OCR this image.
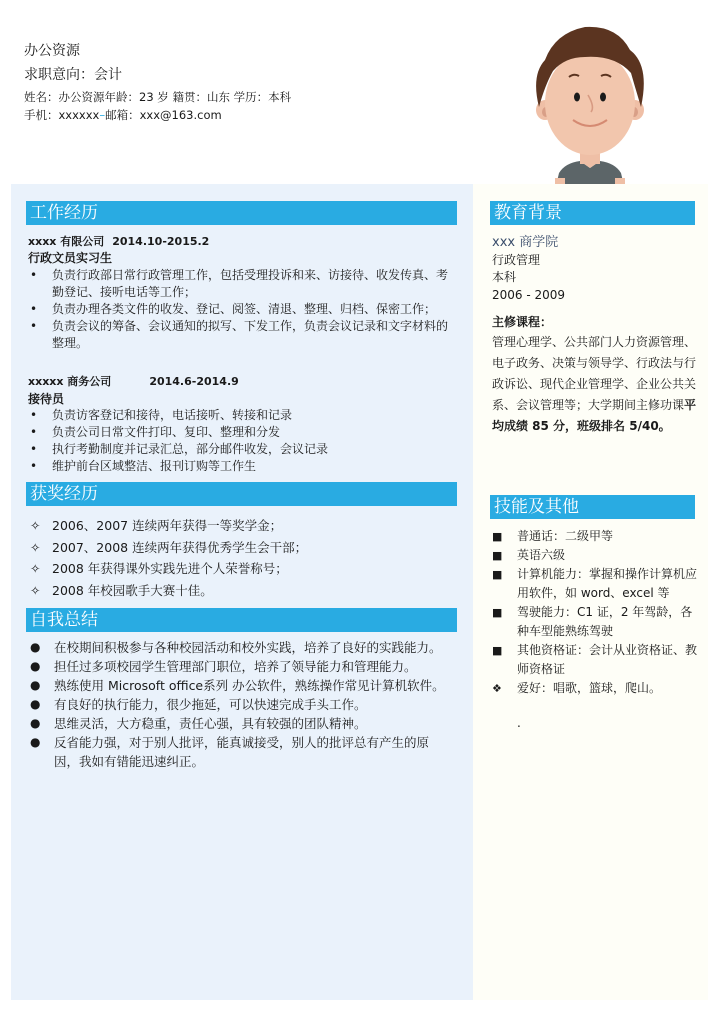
办公资源
求职意向：会计
姓名：办公资源年龄：23 岁 籍贯：山东 学历：本科
手机：xxxxxx–邮箱：xxx@163.com
工作经历
xxxx 有限公司 2014.10-2015.2
行政文员实习生
•	负责行政部日常行政管理工作，包括受理投诉和来、访接待、收发传真、考勤登记、接听电话等工作；
•	负责办理各类文件的收发、登记、阅签、清退、整理、归档、保密工作；
•	负责会议的筹备、会议通知的拟写、下发工作，负责会议记录和文字材料的整理。
xxxxx 商务公司	2014.6-2014.9
接待员
•	负责访客登记和接待，电话接听、转接和记录
•	负责公司日常文件打印、复印、整理和分发
•	执行考勤制度并记录汇总，部分邮件收发，会议记录
•	维护前台区域整洁、报刊订购等工作生
获奖经历
✧ 2006、2007 连续两年获得一等奖学金；
✧ 2007、2008 连续两年获得优秀学生会干部；
✧ 2008 年获得课外实践先进个人荣誉称号；
✧ 2008 年校园歌手大赛十佳。
自我总结
●	在校期间积极参与各种校园活动和校外实践，培养了良好的实践能力。
●	担任过多项校园学生管理部门职位，培养了领导能力和管理能力。
●	熟练使用 Microsoft office系列 办公软件，熟练操作常见计算机软件。
●	有良好的执行能力，很少拖延，可以快速完成手头工作。
●	思维灵活，大方稳重，责任心强，具有较强的团队精神。
●	反省能力强，对于别人批评，能真诚接受，别人的批评总有产生的原因，我如有错能迅速纠正。
教育背景
xxx 商学院
行政管理
本科
2006 - 2009
主修课程：
管理心理学、公共部门人力资源管理、电子政务、决策与领导学、行政法与行政诉讼、现代企业管理学、企业公共关系、会议管理等；大学期间主修功课平均成绩 85 分，班级排名 5/40。
技能及其他
■ 普通话：二级甲等
■ 英语六级
■ 计算机能力：掌握和操作计算机应用软件，如 word、excel 等
■ 驾驶能力：C1 证，2 年驾龄，各种车型能熟练驾驶
■ 其他资格证：会计从业资格证、教师资格证
❖ 爱好：唱歌，篮球，爬山。
.
